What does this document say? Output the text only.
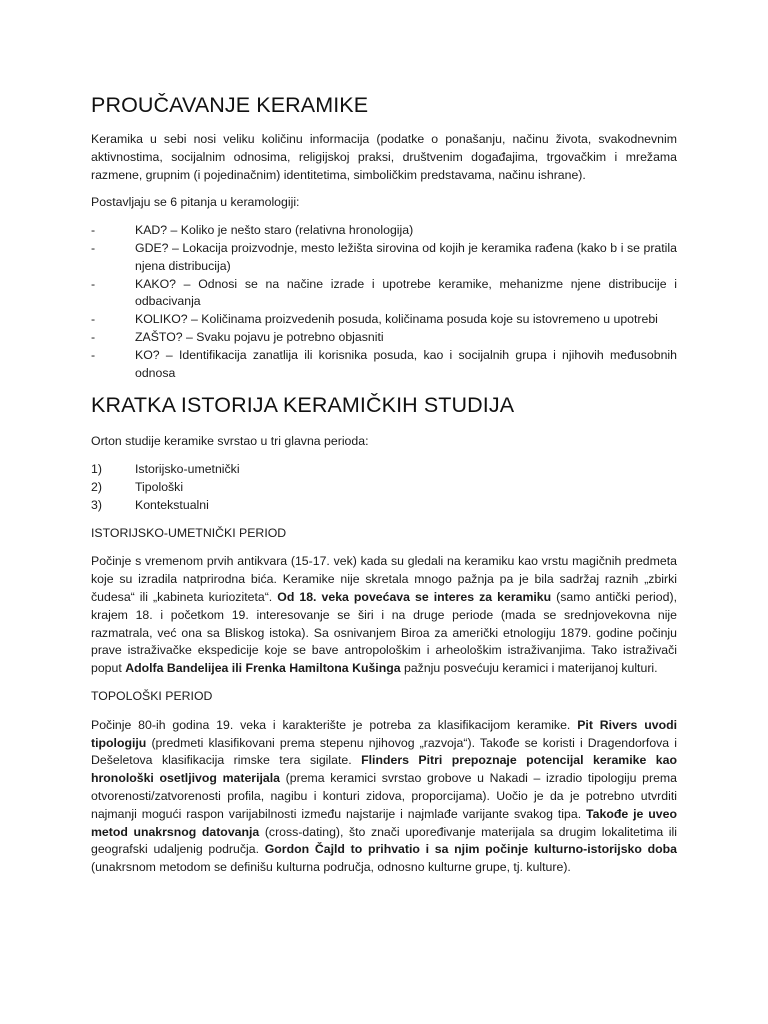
PROUČAVANJE KERAMIKE

Keramika u sebi nosi veliku količinu informacija (podatke o ponašanju, načinu života, svakodnevnim aktivnostima, socijalnim odnosima, religijskoj praksi, društvenim događajima, trgovačkim i mrežama razmene, grupnim (i pojedinačnim) identitetima, simboličkim predstavama, načinu ishrane).

Postavljaju se 6 pitanja u keramologiji:

-	KAD? – Koliko je nešto staro (relativna hronologija)
-	GDE? – Lokacija proizvodnje, mesto ležišta sirovina od kojih je keramika rađena (kako b i se pratila njena distribucija)
-	KAKO? – Odnosi se na načine izrade i upotrebe keramike, mehanizme njene distribucije i odbacivanja
-	KOLIKO? – Količinama proizvedenih posuda, količinama posuda koje su istovremeno u upotrebi
-	ZAŠTO? – Svaku pojavu je potrebno objasniti
-	KO? – Identifikacija zanatlija ili korisnika posuda, kao i socijalnih grupa i njihovih međusobnih odnosa
KRATKA ISTORIJA KERAMIČKIH STUDIJA

Orton studije keramike svrstao u tri glavna perioda:

1)	Istorijsko-umetnički
2)	Tipološki
3)	Kontekstualni
ISTORIJSKO-UMETNIČKI PERIOD

Počinje s vremenom prvih antikvara (15-17. vek) kada su gledali na keramiku kao vrstu magičnih predmeta koje su izradila natprirodna bića. Keramike nije skretala mnogo pažnja pa je bila sadržaj raznih „zbirki čudesa“ ili „kabineta kurioziteta“. Od 18. veka povećava se interes za keramiku (samo antički period), krajem 18. i početkom 19. interesovanje se širi i na druge periode (mada se srednjovekovna nije razmatrala, već ona sa Bliskog istoka). Sa osnivanjem Biroa za američki etnologiju 1879. godine počinju prave istraživačke ekspedicije koje se bave antropološkim i arheološkim istraživanjima. Tako istraživači poput Adolfa Bandelijea ili Frenka Hamiltona Kušinga pažnju posvećuju keramici i materijanoj kulturi.

TOPOLOŠKI PERIOD

Počinje 80-ih godina 19. veka i karakterište je potreba za klasifikacijom keramike. Pit Rivers uvodi tipologiju (predmeti klasifikovani prema stepenu njihovog „razvoja“). Takođe se koristi i Dragendorfova i Dešeletova klasifikacija rimske tera sigilate. Flinders Pitri prepoznaje potencijal keramike kao hronološki osetljivog materijala (prema keramici svrstao grobove u Nakadi – izradio tipologiju prema otvorenosti/zatvorenosti profila, nagibu i konturi zidova, proporcijama). Uočio je da je potrebno utvrditi najmanji mogući raspon varijabilnosti između najstarije i najmlađe varijante svakog tipa. Takođe je uveo metod unakrsnog datovanja (cross-dating), što znači upoređivanje materijala sa drugim lokalitetima ili geografski udaljenig područja. Gordon Čajld to prihvatio i sa njim počinje kulturno-istorijsko doba (unakrsnom metodom se definišu kulturna područja, odnosno kulturne grupe, tj. kulture).
